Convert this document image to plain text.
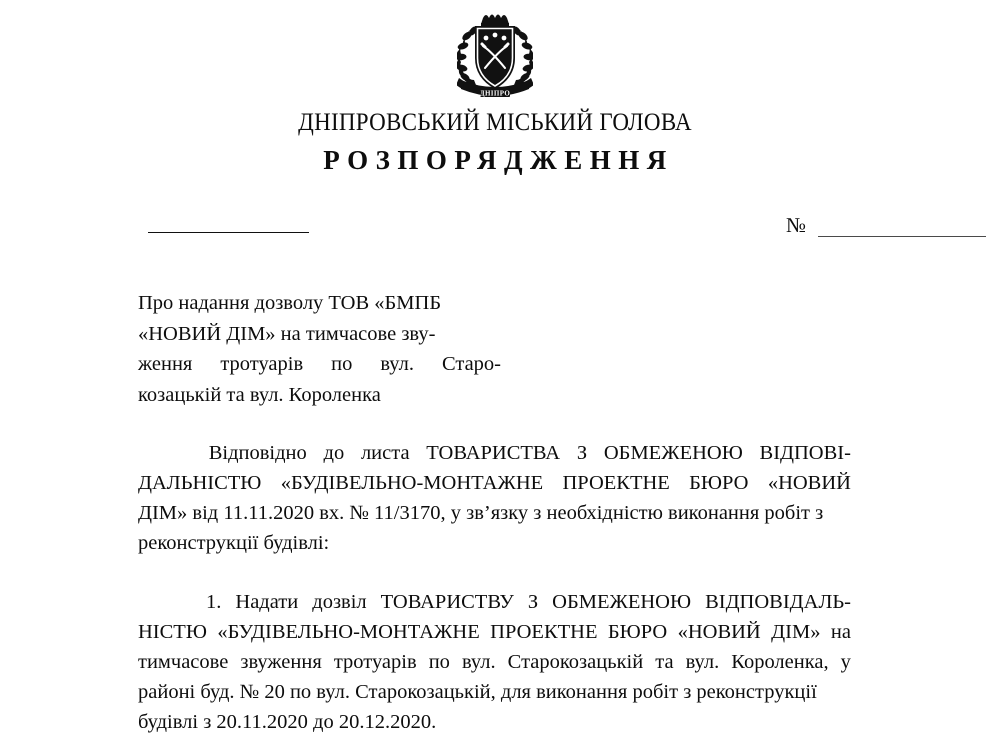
ДНІПРО
ДНІПРОВСЬКИЙ МІСЬКИЙ ГОЛОВА
РОЗПОРЯДЖЕННЯ
№
Про надання дозволу ТОВ «БМПБ
«НОВИЙ ДІМ» на тимчасове зву-
ження тротуарів по вул. Старо-
козацькій та вул. Короленка

Відповідно до листа ТОВАРИСТВА З ОБМЕЖЕНОЮ ВІДПОВІ-
ДАЛЬНІСТЮ «БУДІВЕЛЬНО-МОНТАЖНЕ ПРОЕКТНЕ БЮРО «НОВИЙ
ДІМ» від 11.11.2020 вх. № 11/3170, у зв’язку з необхідністю виконання робіт з
реконструкції будівлі:

1. Надати дозвіл ТОВАРИСТВУ З ОБМЕЖЕНОЮ ВІДПОВІДАЛЬ-
НІСТЮ «БУДІВЕЛЬНО-МОНТАЖНЕ ПРОЕКТНЕ БЮРО «НОВИЙ ДІМ» на
тимчасове звуження тротуарів по вул. Старокозацькій та вул. Короленка, у
районі буд. № 20 по вул. Старокозацькій, для виконання робіт з реконструкції
будівлі з 20.11.2020 до 20.12.2020.
